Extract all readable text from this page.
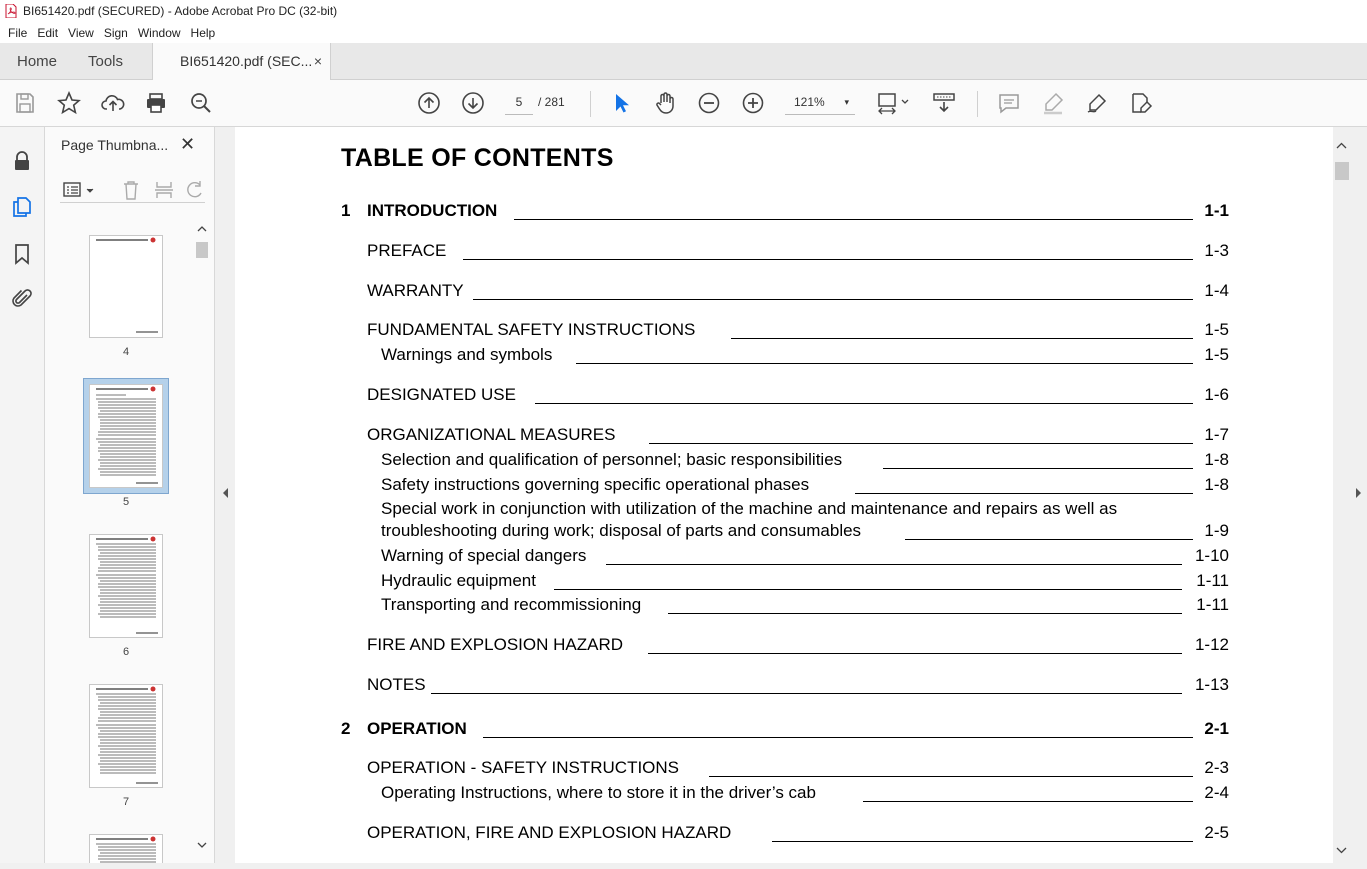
BI651420.pdf (SECURED) - Adobe Acrobat Pro DC (32-bit)
File Edit View Sign Window Help
Home Tools	BI651420.pdf (SEC... ×
5	/ 281	121% ▾
Page Thumbna... ✕
4
5
6
7
TABLE OF CONTENTS
1 INTRODUCTION	1-1
PREFACE	1-3
WARRANTY	1-4
FUNDAMENTAL SAFETY INSTRUCTIONS	1-5
Warnings and symbols	1-5
DESIGNATED USE	1-6
ORGANIZATIONAL MEASURES	1-7
Selection and qualification of personnel; basic responsibilities	1-8
Safety instructions governing specific operational phases	1-8
Special work in conjunction with utilization of the machine and maintenance and repairs as well as
troubleshooting during work; disposal of parts and consumables	1-9
Warning of special dangers	1-10
Hydraulic equipment	1-11
Transporting and recommissioning	1-11
FIRE AND EXPLOSION HAZARD	1-12
NOTES	1-13
2 OPERATION	2-1
OPERATION - SAFETY INSTRUCTIONS	2-3
Operating Instructions, where to store it in the driver’s cab	2-4
OPERATION, FIRE AND EXPLOSION HAZARD	2-5
